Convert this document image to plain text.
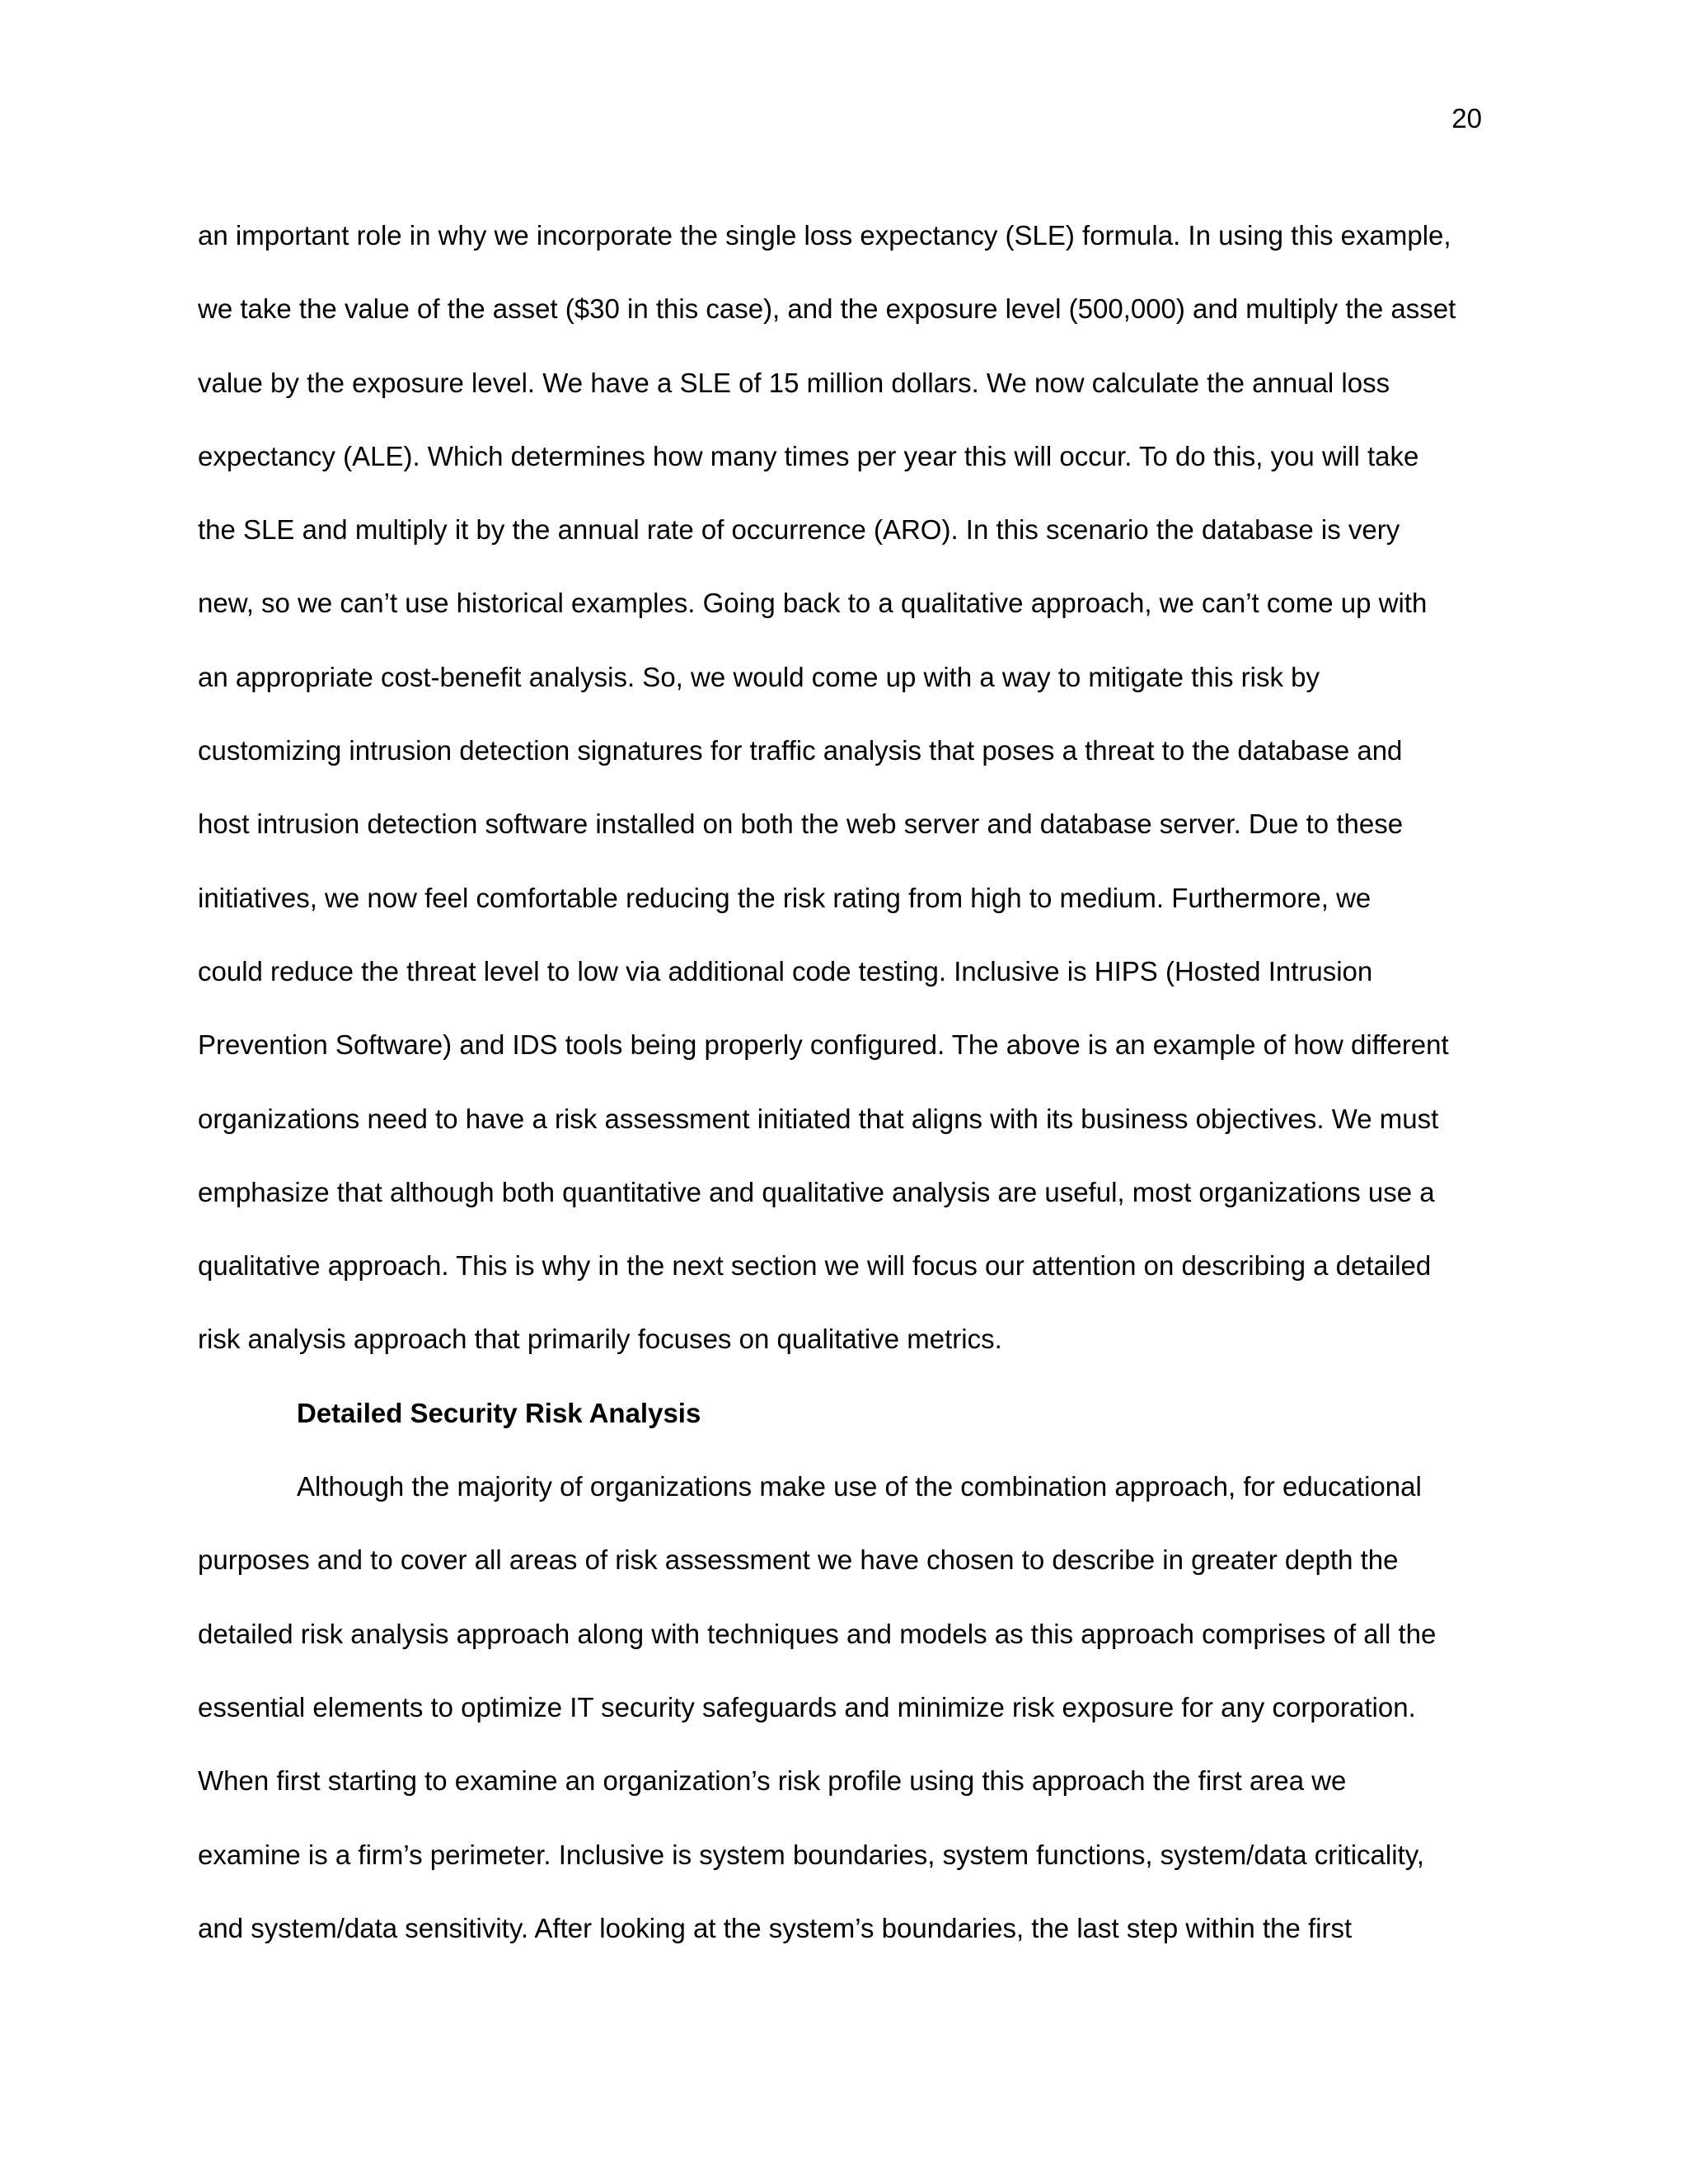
20
an important role in why we incorporate the single loss expectancy (SLE) formula. In using this example,
we take the value of the asset ($30 in this case), and the exposure level (500,000) and multiply the asset
value by the exposure level. We have a SLE of 15 million dollars. We now calculate the annual loss
expectancy (ALE). Which determines how many times per year this will occur. To do this, you will take
the SLE and multiply it by the annual rate of occurrence (ARO). In this scenario the database is very
new, so we can’t use historical examples. Going back to a qualitative approach, we can’t come up with
an appropriate cost-benefit analysis. So, we would come up with a way to mitigate this risk by
customizing intrusion detection signatures for traffic analysis that poses a threat to the database and
host intrusion detection software installed on both the web server and database server. Due to these
initiatives, we now feel comfortable reducing the risk rating from high to medium. Furthermore, we
could reduce the threat level to low via additional code testing. Inclusive is HIPS (Hosted Intrusion
Prevention Software) and IDS tools being properly configured. The above is an example of how different
organizations need to have a risk assessment initiated that aligns with its business objectives. We must
emphasize that although both quantitative and qualitative analysis are useful, most organizations use a
qualitative approach. This is why in the next section we will focus our attention on describing a detailed
risk analysis approach that primarily focuses on qualitative metrics.
Detailed Security Risk Analysis
Although the majority of organizations make use of the combination approach, for educational
purposes and to cover all areas of risk assessment we have chosen to describe in greater depth the
detailed risk analysis approach along with techniques and models as this approach comprises of all the
essential elements to optimize IT security safeguards and minimize risk exposure for any corporation.
When first starting to examine an organization’s risk profile using this approach the first area we
examine is a firm’s perimeter. Inclusive is system boundaries, system functions, system/data criticality,
and system/data sensitivity. After looking at the system’s boundaries, the last step within the first
